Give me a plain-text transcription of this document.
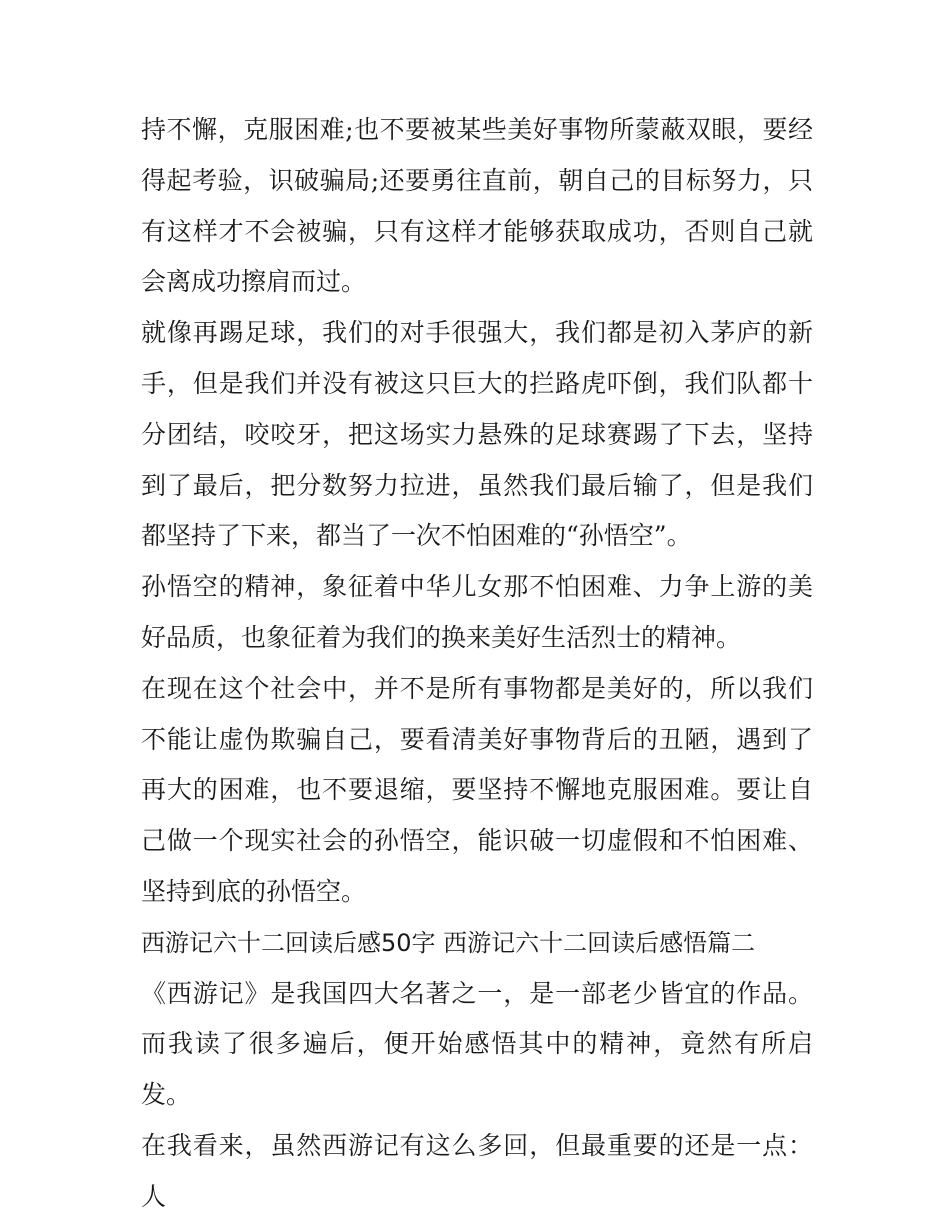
持不懈，克服困难;也不要被某些美好事物所蒙蔽双眼，要经得起考验，识破骗局;还要勇往直前，朝自己的目标努力，只有这样才不会被骗，只有这样才能够获取成功，否则自己就会离成功擦肩而过。

就像再踢足球，我们的对手很强大，我们都是初入茅庐的新手，但是我们并没有被这只巨大的拦路虎吓倒，我们队都十分团结，咬咬牙，把这场实力悬殊的足球赛踢了下去，坚持到了最后，把分数努力拉进，虽然我们最后输了，但是我们都坚持了下来，都当了一次不怕困难的“孙悟空”。

孙悟空的精神，象征着中华儿女那不怕困难、力争上游的美好品质，也象征着为我们的换来美好生活烈士的精神。

在现在这个社会中，并不是所有事物都是美好的，所以我们不能让虚伪欺骗自己，要看清美好事物背后的丑陋，遇到了再大的困难，也不要退缩，要坚持不懈地克服困难。要让自己做一个现实社会的孙悟空，能识破一切虚假和不怕困难、坚持到底的孙悟空。

西游记六十二回读后感50字 西游记六十二回读后感悟篇二

《西游记》是我国四大名著之一，是一部老少皆宜的作品。而我读了很多遍后，便开始感悟其中的精神，竟然有所启发。

在我看来，虽然西游记有这么多回，但最重要的还是一点：人
